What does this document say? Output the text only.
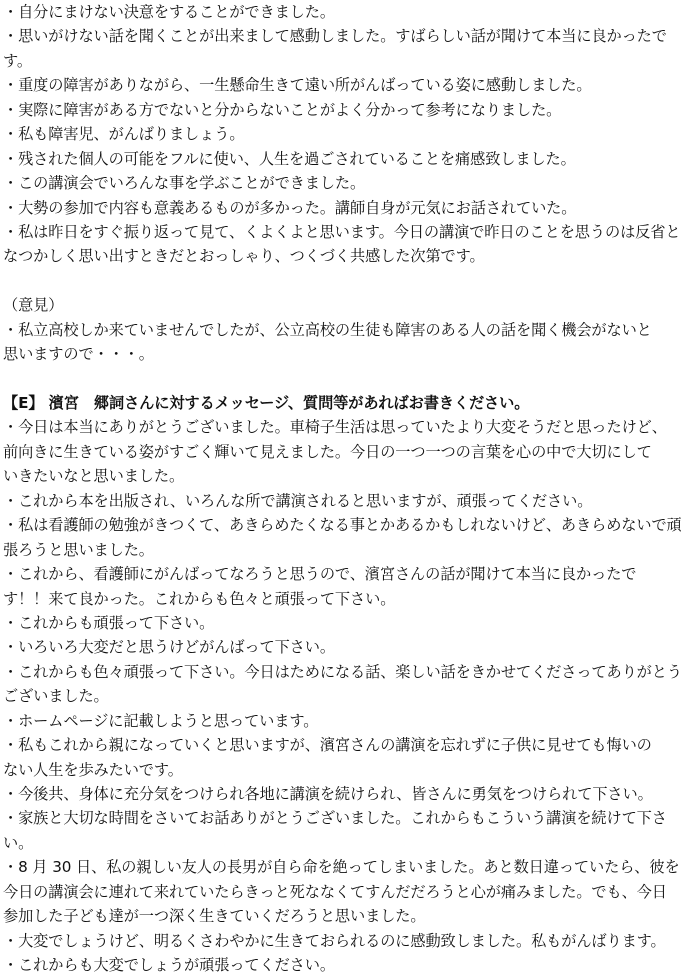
・自分にまけない決意をすることができました。
・思いがけない話を聞くことが出来まして感動しました。すばらしい話が聞けて本当に良かったで
す。
・重度の障害がありながら、一生懸命生きて遠い所がんばっている姿に感動しました。
・実際に障害がある方でないと分からないことがよく分かって参考になりました。
・私も障害児、がんばりましょう。
・残された個人の可能をフルに使い、人生を過ごされていることを痛感致しました。
・この講演会でいろんな事を学ぶことができました。
・大勢の参加で内容も意義あるものが多かった。講師自身が元気にお話されていた。
・私は昨日をすぐ振り返って見て、くよくよと思います。今日の講演で昨日のことを思うのは反省と
なつかしく思い出すときだとおっしゃり、つくづく共感した次第です。
（意見）
・私立高校しか来ていませんでしたが、公立高校の生徒も障害のある人の話を聞く機会がないと
思いますので・・・。
【E】 濱宮　郷詞さんに対するメッセージ、質問等があればお書きください。
・今日は本当にありがとうございました。車椅子生活は思っていたより大変そうだと思ったけど、
前向きに生きている姿がすごく輝いて見えました。今日の一つ一つの言葉を心の中で大切にして
いきたいなと思いました。
・これから本を出版され、いろんな所で講演されると思いますが、頑張ってください。
・私は看護師の勉強がきつくて、あきらめたくなる事とかあるかもしれないけど、あきらめないで頑
張ろうと思いました。
・これから、看護師にがんばってなろうと思うので、濱宮さんの話が聞けて本当に良かったで
す！！来て良かった。これからも色々と頑張って下さい。
・これからも頑張って下さい。
・いろいろ大変だと思うけどがんばって下さい。
・これからも色々頑張って下さい。今日はためになる話、楽しい話をきかせてくださってありがとう
ございました。
・ホームページに記載しようと思っています。
・私もこれから親になっていくと思いますが、濱宮さんの講演を忘れずに子供に見せても悔いの
ない人生を歩みたいです。
・今後共、身体に充分気をつけられ各地に講演を続けられ、皆さんに勇気をつけられて下さい。
・家族と大切な時間をさいてお話ありがとうございました。これからもこういう講演を続けて下さ
い。
・8 月 30 日、私の親しい友人の長男が自ら命を絶ってしまいました。あと数日違っていたら、彼を
今日の講演会に連れて来れていたらきっと死ななくてすんだだろうと心が痛みました。でも、今日
参加した子ども達が一つ深く生きていくだろうと思いました。
・大変でしょうけど、明るくさわやかに生きておられるのに感動致しました。私もがんばります。
・これからも大変でしょうが頑張ってください。
